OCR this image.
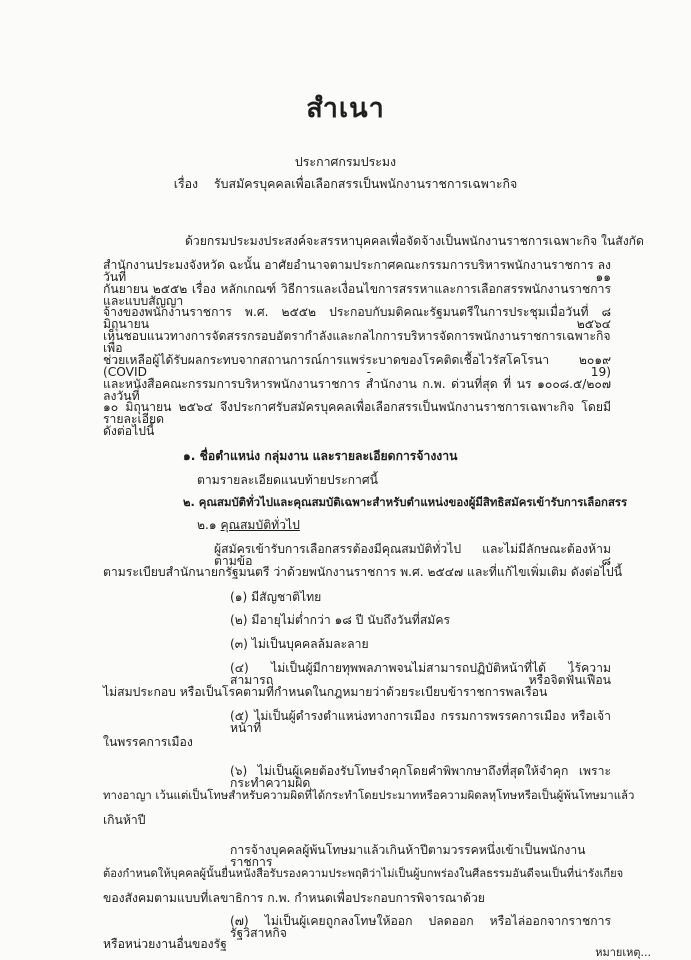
สำเนา
ประกาศกรมประมง
เรื่อง รับสมัครบุคคลเพื่อเลือกสรรเป็นพนักงานราชการเฉพาะกิจ
ด้วยกรมประมงประสงค์จะสรรหาบุคคลเพื่อจัดจ้างเป็นพนักงานราชการเฉพาะกิจ ในสังกัด
สำนักงานประมงจังหวัด ฉะนั้น อาศัยอำนาจตามประกาศคณะกรรมการบริหารพนักงานราชการ ลงวันที่ ๑๑
กันยายน ๒๕๕๒ เรื่อง หลักเกณฑ์ วิธีการและเงื่อนไขการสรรหาและการเลือกสรรพนักงานราชการ และแบบสัญญา
จ้างของพนักงานราชการ พ.ศ. ๒๕๕๒ ประกอบกับมติคณะรัฐมนตรีในการประชุมเมื่อวันที่ ๘ มิถุนายน ๒๕๖๔
เห็นชอบแนวทางการจัดสรรกรอบอัตรากำลังและกลไกการบริหารจัดการพนักงานราชการเฉพาะกิจเพื่อ
ช่วยเหลือผู้ได้รับผลกระทบจากสถานการณ์การแพร่ระบาดของโรคติดเชื้อไวรัสโคโรนา ๒๐๑๙ (COVID - 19)
และหนังสือคณะกรรมการบริหารพนักงานราชการ สำนักงาน ก.พ. ด่วนที่สุด ที่ นร ๑๐๐๘.๕/๒๐๗ ลงวันที่
๑๐ มิถุนายน ๒๕๖๔ จึงประกาศรับสมัครบุคคลเพื่อเลือกสรรเป็นพนักงานราชการเฉพาะกิจ โดยมีรายละเอียด
ดังต่อไปนี้
๑. ชื่อตำแหน่ง กลุ่มงาน และรายละเอียดการจ้างงาน
ตามรายละเอียดแนบท้ายประกาศนี้
๒. คุณสมบัติทั่วไปและคุณสมบัติเฉพาะสำหรับตำแหน่งของผู้มีสิทธิสมัครเข้ารับการเลือกสรร
๒.๑ คุณสมบัติทั่วไป
ผู้สมัครเข้ารับการเลือกสรรต้องมีคุณสมบัติทั่วไป และไม่มีลักษณะต้องห้ามตามข้อ ๘
ตามระเบียบสำนักนายกรัฐมนตรี ว่าด้วยพนักงานราชการ พ.ศ. ๒๕๔๗ และที่แก้ไขเพิ่มเติม ดังต่อไปนี้
(๑) มีสัญชาติไทย
(๒) มีอายุไม่ต่ำกว่า ๑๘ ปี นับถึงวันที่สมัคร
(๓) ไม่เป็นบุคคลล้มละลาย
(๔) ไม่เป็นผู้มีกายทุพพลภาพจนไม่สามารถปฏิบัติหน้าที่ได้ ไร้ความสามารถ หรือจิตฟั่นเฟือน
ไม่สมประกอบ หรือเป็นโรคตามที่กำหนดในกฎหมายว่าด้วยระเบียบข้าราชการพลเรือน
(๕) ไม่เป็นผู้ดำรงตำแหน่งทางการเมือง กรรมการพรรคการเมือง หรือเจ้าหน้าที่
ในพรรคการเมือง
(๖) ไม่เป็นผู้เคยต้องรับโทษจำคุกโดยคำพิพากษาถึงที่สุดให้จำคุก เพราะกระทำความผิด
ทางอาญา เว้นแต่เป็นโทษสำหรับความผิดที่ได้กระทำโดยประมาทหรือความผิดลหุโทษหรือเป็นผู้พ้นโทษมาแล้ว
เกินห้าปี
การจ้างบุคคลผู้พ้นโทษมาแล้วเกินห้าปีตามวรรคหนึ่งเข้าเป็นพนักงานราชการ
ต้องกำหนดให้บุคคลผู้นั้นยื่นหนังสือรับรองความประพฤติว่าไม่เป็นผู้บกพร่องในศีลธรรมอันดีจนเป็นที่น่ารังเกียจ
ของสังคมตามแบบที่เลขาธิการ ก.พ. กำหนดเพื่อประกอบการพิจารณาด้วย
(๗) ไม่เป็นผู้เคยถูกลงโทษให้ออก ปลดออก หรือไล่ออกจากราชการ รัฐวิสาหกิจ
หรือหน่วยงานอื่นของรัฐ
หมายเหตุ...
